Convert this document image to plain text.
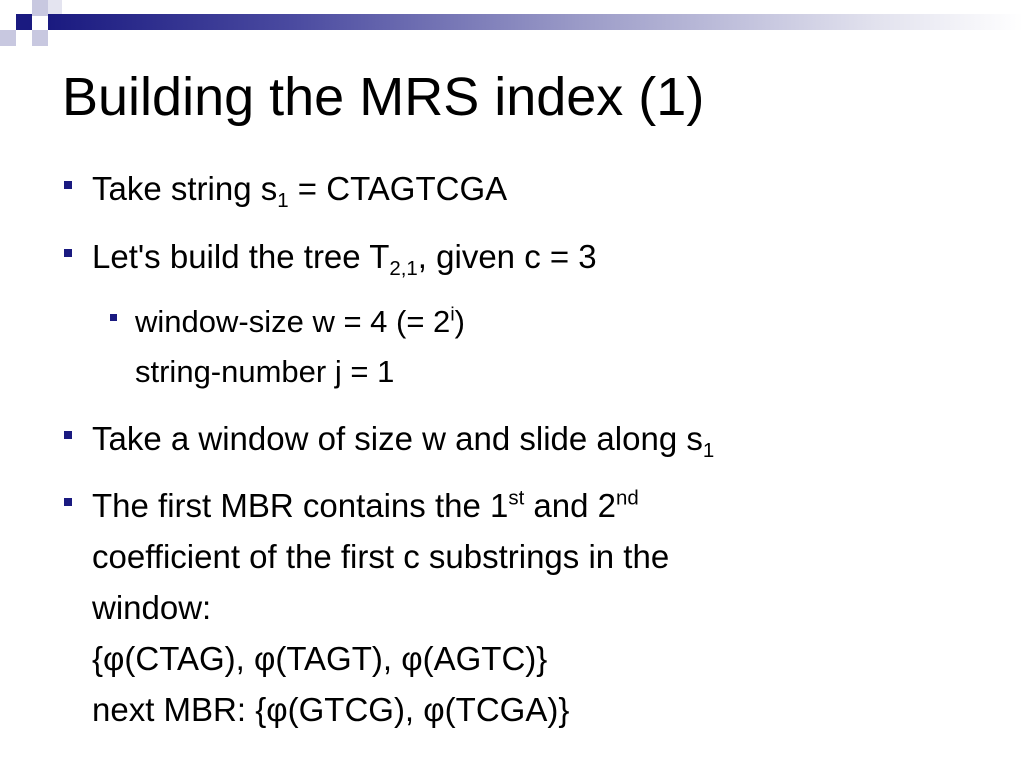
Building the MRS index (1)
Take string $s_1$ = CTAGTCGA
Let's build the tree $T_{2,1}$, given c = 3
window-size w = 4 (= $2^i$)
string-number j = 1
Take a window of size w and slide along $s_1$
The first MBR contains the 1st and 2nd
coefficient of the first c substrings in the
window:
{φ(CTAG), φ(TAGT), φ(AGTC)}
next MBR: {φ(GTCG), φ(TCGA)}
